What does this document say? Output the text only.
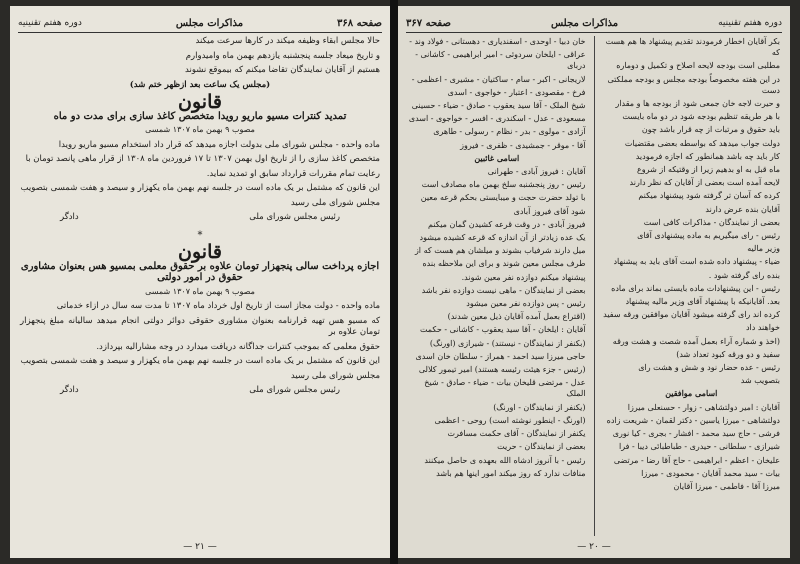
صفحه ۳۶۸
مذاکرات مجلس
دوره هفتم تقنینیه

حالا مجلس ابقاء وظیفه میکند در کارها سرعت میکند

و تاریخ میعاد جلسه پنجشنبه یازدهم بهمن ماه وامیدوارم

هستیم از آقایان نمایندگان تقاضا میکنم که بیموقع نشوند

(مجلس یک ساعت بعد ازظهر ختم شد)

قانون
تمدید کنترات مسیو ماریو رویدا متخصص کاغذ سازی برای مدت دو ماه
مصوب ۹ بهمن ماه ۱۳۰۷ شمسی

ماده واحده - مجلس شورای ملی بدولت اجازه میدهد که قرار داد استخدام مسیو ماریو رویدا

متخصص کاغذ سازی را از تاریخ اول بهمن ۱۳۰۷ تا ۱۷ فروردین ماه ۱۳۰۸ از قرار ماهی پانصد تومان با

رعایت تمام مقررات قرارداد سابق او تمدید نماید.

این قانون که مشتمل بر یک ماده است در جلسه نهم بهمن ماه یکهزار و سیصد و هفت شمسی بتصویب

مجلس شورای ملی رسید

رئیس مجلس شورای ملی
دادگر
*
قانون
اجازه پرداخت سالی پنجهزار تومان علاوه بر حقوق معلمی بمسیو هس بعنوان مشاوری حقوق در امور دولتی
مصوب ۹ بهمن ماه ۱۳۰۷ شمسی

ماده واحده - دولت مجاز است از تاریخ اول خرداد ماه ۱۳۰۷ تا مدت سه سال در ازاء خدماتی

که مسیو هس تهیه قرارنامه بعنوان مشاوری حقوقی دوائر دولتی انجام میدهد سالیانه مبلغ پنجهزار تومان علاوه بر

حقوق معلمی که بموجب کنترات جداگانه دریافت میدارد در وجه مشارالیه بپردازد.

این قانون که مشتمل بر یک ماده است در جلسه نهم بهمن ماه یکهزار و سیصد و هفت شمسی بتصویب

مجلس شورای ملی رسید

رئیس مجلس شورای ملی
دادگر
— ۲۱ —
دوره هفتم تقنینیه
مذاکرات مجلس
صفحه ۳۶۷

بکر آقایان اخطار فرمودند تقدیم پیشنهاد ها هم هست که

مطلبی است بودجه لایحه اصلاح و تکمیل و دوماره

در این هفته مخصوصاً بودجه مجلس و بودجه مملکتی دست

و حیرت لاجه خان جمعی شود از بودجه ها و مقدار

با هر طریقه تنظیم بودجه شود در دو ماه بایست

باید حقوق و مرتبات از چه قرار باشد چون

دولت جواب میدهد که بواسطه بعضی مقتضیات

کار باید چه باشد همانطور که اجازه فرمودید

ماه قبل به او بدهیم زیرا از وقتیکه از شروع

لایحه آمده است بعضی از آقایان که نظر دارند

کرده که آسان تر گرفته شود پیشنهاد میکنم

آقایان بنده عرض دارند

بعضی از نمایندگان - مذاکرات کافی است

رئیس - رای میگیریم به ماده پیشنهادی آقای

وزیر مالیه

ضیاء - پیشنهاد داده شده است آقای باید به پیشنهاد

بنده رای گرفته شود .

رئیس - این پیشنهادات ماده بایستی بماند برای ماده

بعد. آقایانیکه با پیشنهاد آقای وزیر مالیه پیشنهاد

کرده اند رای گرفته میشود آقایان موافقین ورقه سفید

خواهند داد

(اخذ و شماره آراء بعمل آمده شصت و هشت ورقه

سفید و دو ورقه کبود تعداد شد)

رئیس - عده حضار نود و شش و هشت رای

بتصویب شد

اسامی موافقین

آقایان : امیر دولتشاهی - زوار - حسنعلی میرزا

دولتشاهی - میرزا یاسین - دکتر لقمان - شریعت زاده

فرشی - حاج سید محمد - افشار - بجری - کیا نوری

شیرازی - سلطانی - حیدری - طباطبائی دیبا - فرا

علیخان - اعظم - ابراهیمی - حاج آقا رضا - مرتضی

بیات - سید محمد آقایان - محمودی - میرزا

میرزا آقا - فاطمی - میرزا آقایان

خان دبیا - اوحدی - اسفندیاری - دهستانی - فولاد وند -

عراقی - ایلخان سردوئی - امیر ابراهیمی - کاشانی - دربای

لاریجانی - اکبر - سام - ساکتیان - مشیری - اعظمی -

فرخ - مقصودی - اعتبار - خواجوی - اسدی

شیخ الملک - آقا سید یعقوب - صادق - ضیاء - حسینی

مسعودی - عدل - اسکندری - افسر - خواجوی - اسدی

آزادی - مولوی - بدر - نظام - رسولی - طاهری

آقا - موقر - جمشیدی - ظفری - فیروز

اسامی غائبین

آقایان : فیروز آبادی - طهرانی

رئیس - روز پنجشنبه سلخ بهمن ماه مصادف است

با تولد حضرت حجت و میبایستی بحکم قرعه معین

شود آقای فیروز آبادی

فیروز آبادی - در وقت قرعه کشیدن گمان میکنم

یک عده زیادتر از آن اندازه که قرعه کشیده میشود

میل دارند شرفیاب بشوند و میلشان هم هست که از

طرف مجلس معین شوند و برای این ملاحظه بنده

پیشنهاد میکنم دوازده نفر معین شوند.

بعضی از نمایندگان - ماهی نیست دوازده نفر باشد

رئیس - پس دوازده نفر معین میشود

(اقتراع بعمل آمده آقایان ذیل معین شدند)

آقایان : ایلخان - آقا سید یعقوب - کاشانی - حکمت

(بکنفر از نمایندگان - نیستند) - شیرازی (اورنگ)

حاجی میرزا سید احمد - همراز - سلطان خان اسدی

(رئیس - جزء هیئت رئیسه هستند) امیر تیمور کلالی

عدل - مرتضی قلیخان بیات - ضیاء - صادق - شیخ الملک

(یکنفر از نمایندگان - اورنگ)

(اورنگ - اینطور نوشته است) روحی - اعظمی

یکنفر از نمایندگان - آقای حکمت مسافرت

بعضی از نمایندگان - حریت

رئیس - با آنروز ادشاه الله بعهده ی حاصل میکنند

منافات ندارد که روز میکند امور اینها هم باشد

— ۲۰ —
